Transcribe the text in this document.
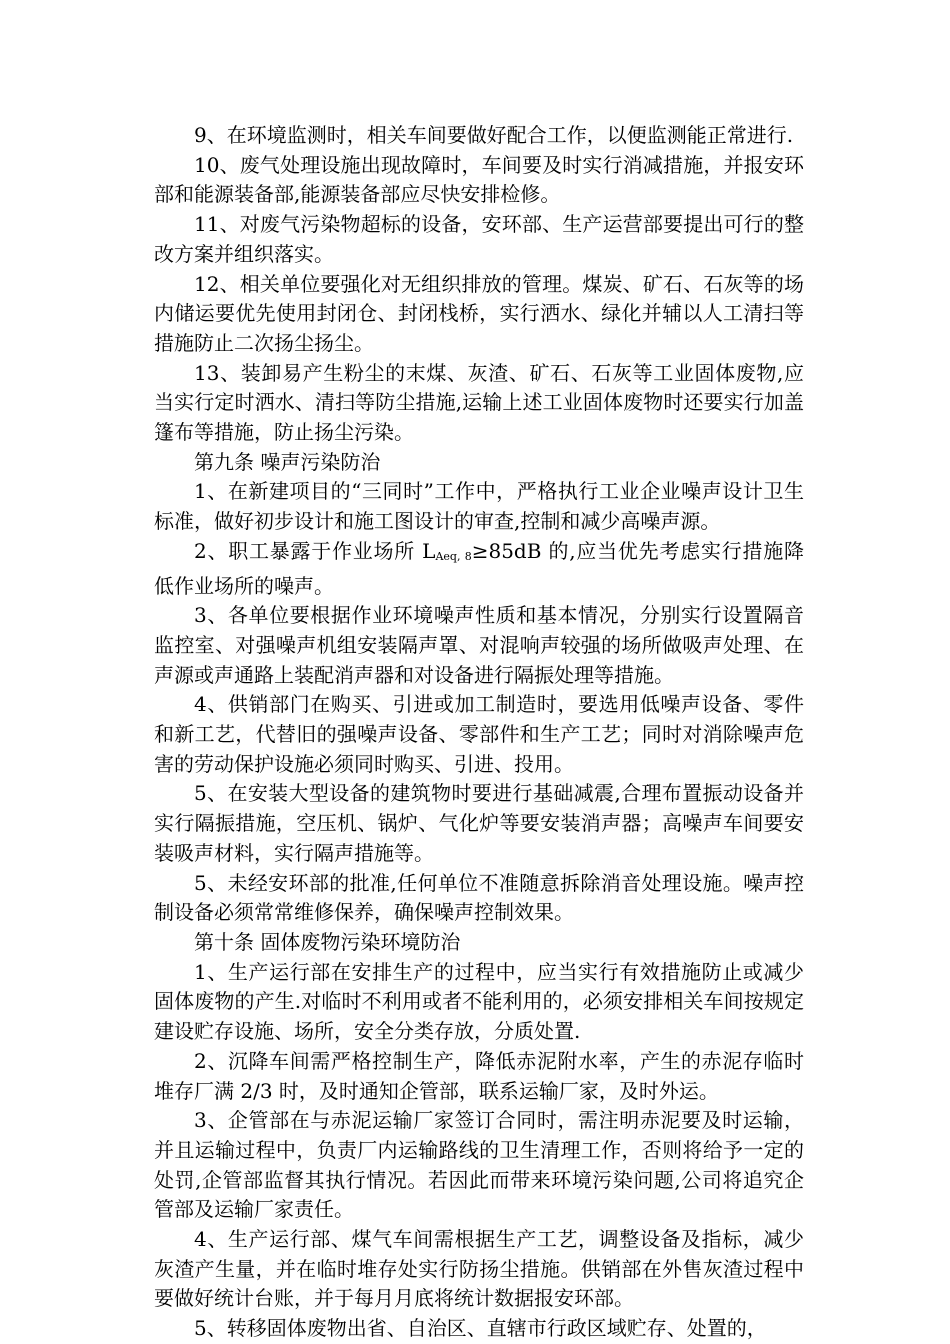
9、在环境监测时，相关车间要做好配合工作，以便监测能正常进行.

10、废气处理设施出现故障时，车间要及时实行消减措施，并报安环部和能源装备部,能源装备部应尽快安排检修。

11、对废气污染物超标的设备，安环部、生产运营部要提出可行的整改方案并组织落实。

12、相关单位要强化对无组织排放的管理。煤炭、矿石、石灰等的场内储运要优先使用封闭仓、封闭栈桥，实行洒水、绿化并辅以人工清扫等措施防止二次扬尘扬尘。

13、装卸易产生粉尘的末煤、灰渣、矿石、石灰等工业固体废物,应当实行定时洒水、清扫等防尘措施,运输上述工业固体废物时还要实行加盖篷布等措施，防止扬尘污染。

第九条 噪声污染防治

1、在新建项目的“三同时”工作中，严格执行工业企业噪声设计卫生标准，做好初步设计和施工图设计的审查,控制和减少高噪声源。

2、职工暴露于作业场所 LAeq, 8≥85dB 的,应当优先考虑实行措施降低作业场所的噪声。

3、各单位要根据作业环境噪声性质和基本情况，分别实行设置隔音监控室、对强噪声机组安装隔声罩、对混响声较强的场所做吸声处理、在声源或声通路上装配消声器和对设备进行隔振处理等措施。

4、供销部门在购买、引进或加工制造时，要选用低噪声设备、零件和新工艺，代替旧的强噪声设备、零部件和生产工艺；同时对消除噪声危害的劳动保护设施必须同时购买、引进、投用。

5、在安装大型设备的建筑物时要进行基础减震,合理布置振动设备并实行隔振措施，空压机、锅炉、气化炉等要安装消声器；高噪声车间要安装吸声材料，实行隔声措施等。

5、未经安环部的批准,任何单位不准随意拆除消音处理设施。噪声控制设备必须常常维修保养，确保噪声控制效果。

第十条 固体废物污染环境防治

1、生产运行部在安排生产的过程中，应当实行有效措施防止或减少固体废物的产生.对临时不利用或者不能利用的，必须安排相关车间按规定建设贮存设施、场所，安全分类存放，分质处置.

2、沉降车间需严格控制生产，降低赤泥附水率，产生的赤泥存临时堆存厂满 2/3 时，及时通知企管部，联系运输厂家，及时外运。

3、企管部在与赤泥运输厂家签订合同时，需注明赤泥要及时运输，并且运输过程中，负责厂内运输路线的卫生清理工作，否则将给予一定的处罚,企管部监督其执行情况。若因此而带来环境污染问题,公司将追究企管部及运输厂家责任。

4、生产运行部、煤气车间需根据生产工艺，调整设备及指标，减少灰渣产生量，并在临时堆存处实行防扬尘措施。供销部在外售灰渣过程中要做好统计台账，并于每月月底将统计数据报安环部。

5、转移固体废物出省、自治区、直辖市行政区域贮存、处置的，
